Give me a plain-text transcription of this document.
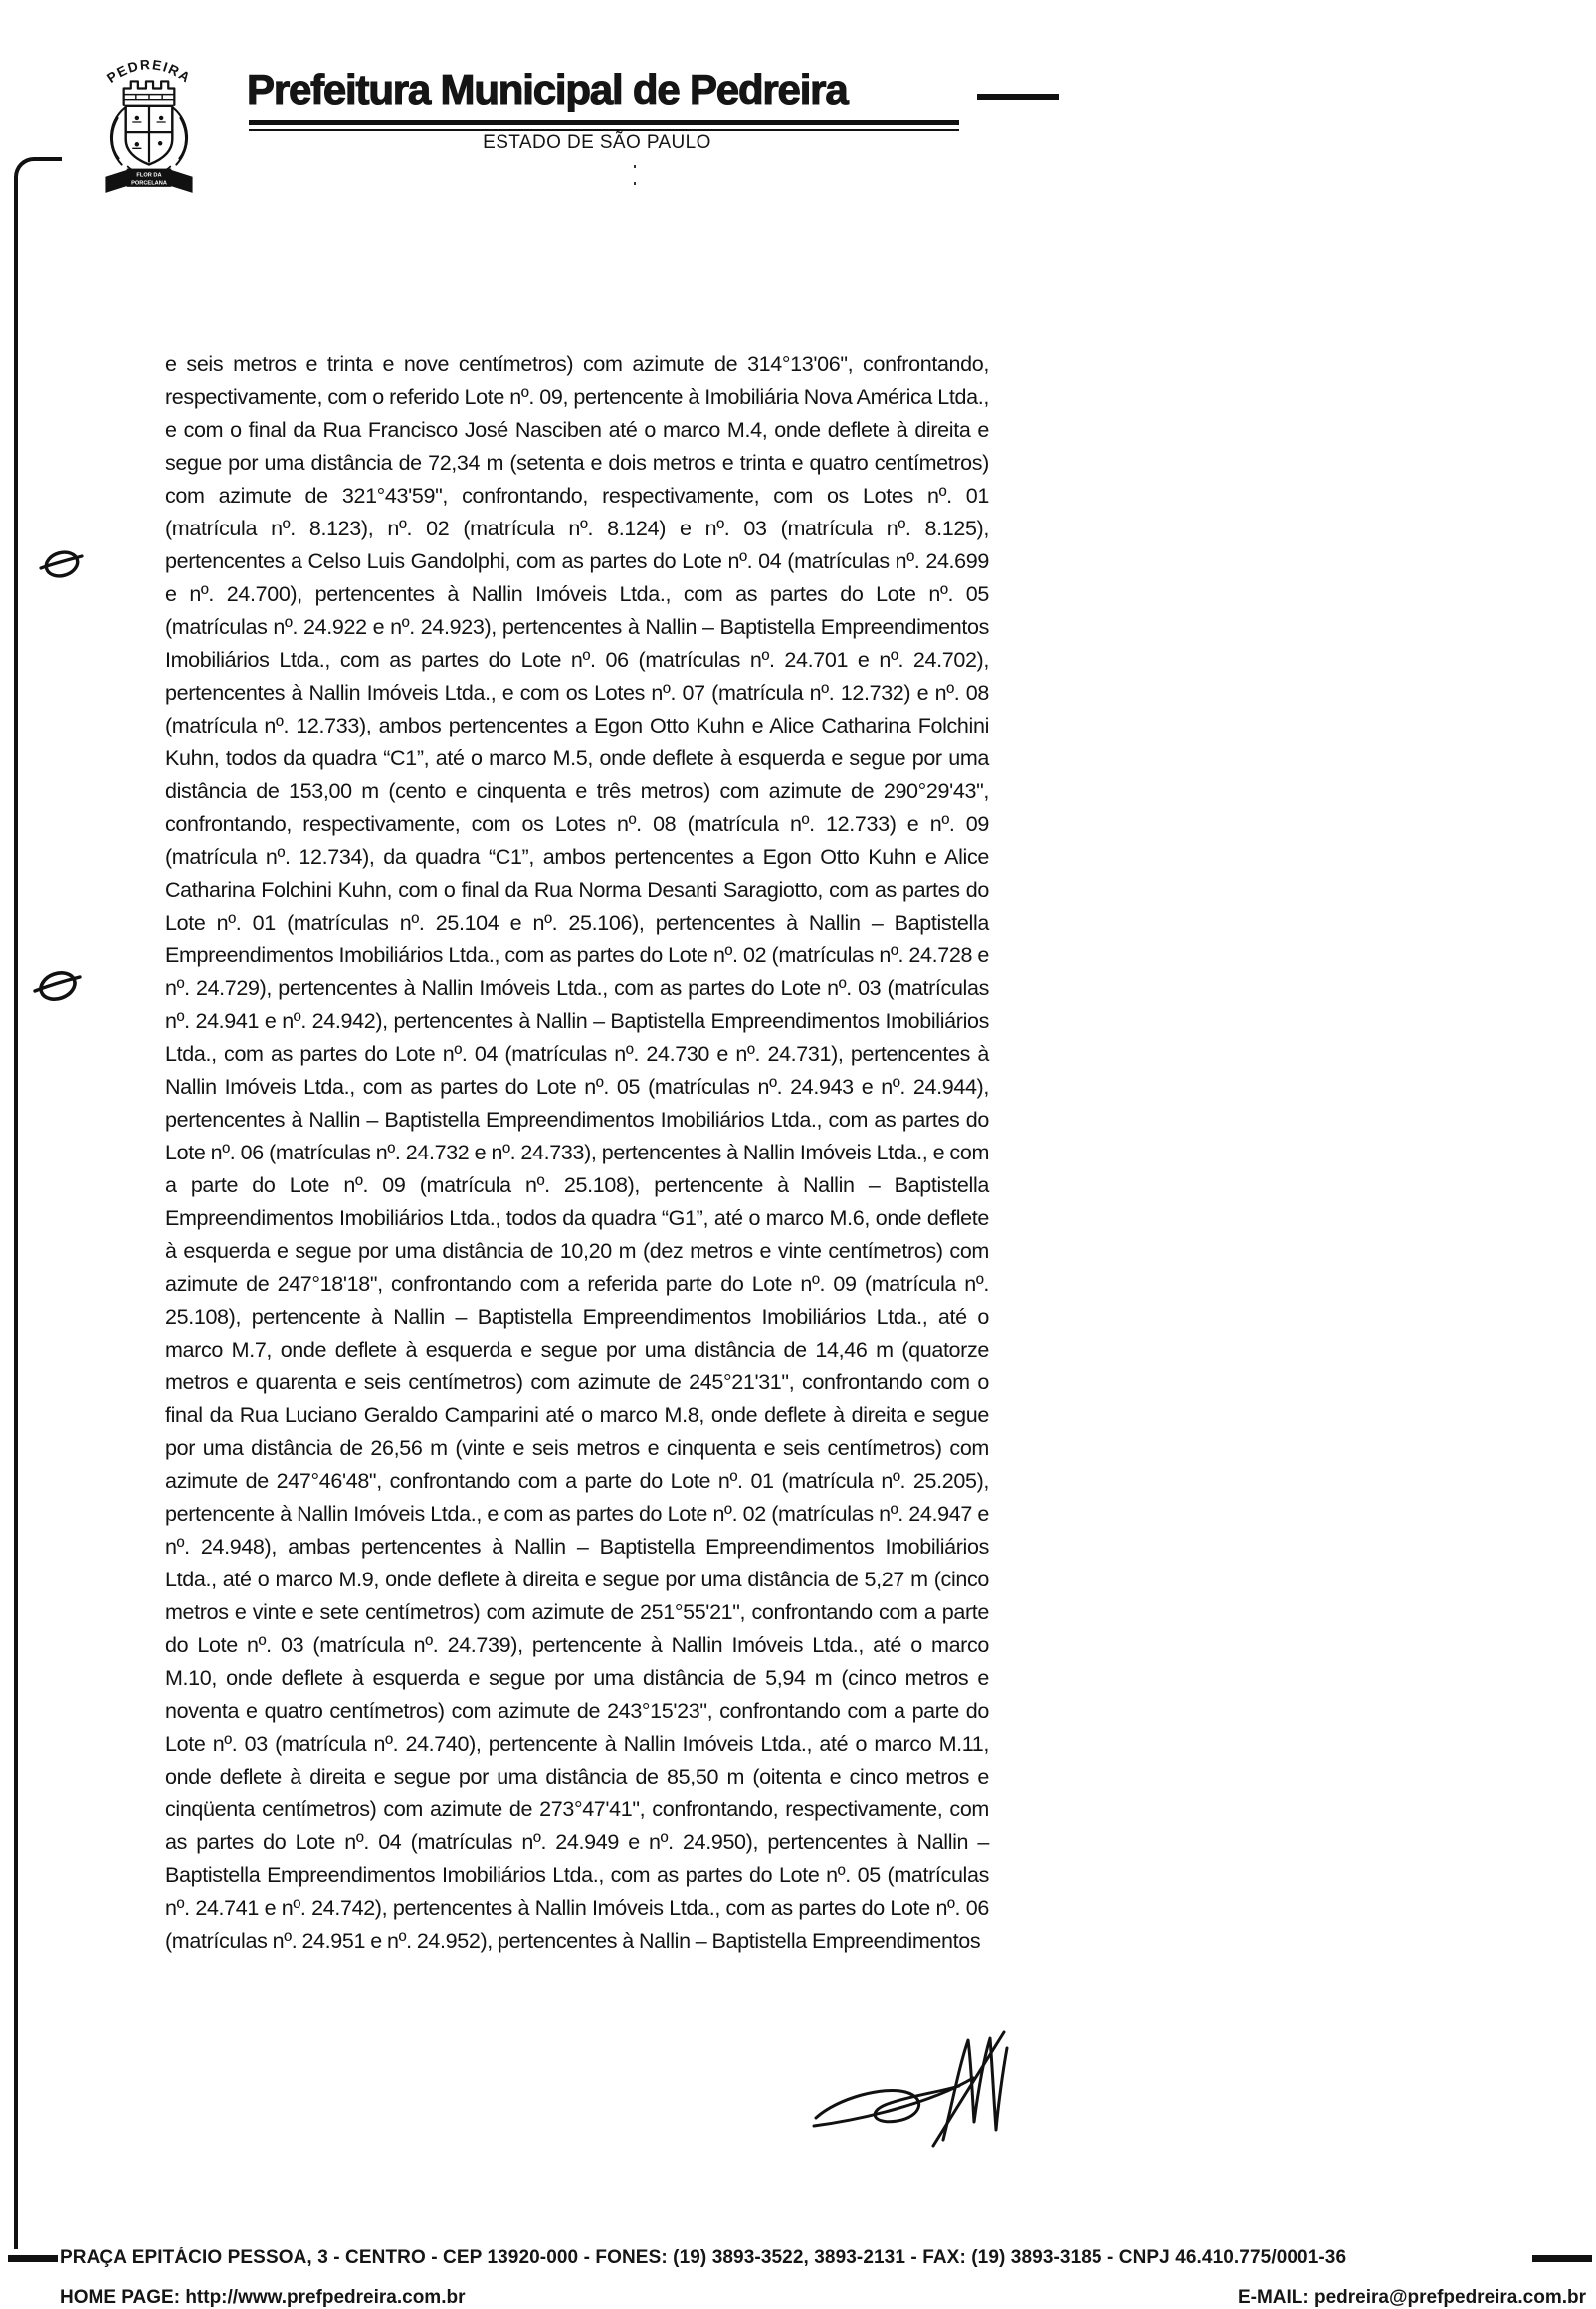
PEDREIRA
FLOR DA
PORCELANA
Prefeitura Municipal de Pedreira
ESTADO DE SÃO PAULO

e seis metros e trinta e nove centímetros) com azimute de 314°13'06", confrontando, respectivamente, com o referido Lote nº. 09, pertencente à Imobiliária Nova América Ltda., e com o final da Rua Francisco José Nasciben até o marco M.4, onde deflete à direita e segue por uma distância de 72,34 m (setenta e dois metros e trinta e quatro centímetros) com azimute de 321°43'59", confrontando, respectivamente, com os Lotes nº. 01 (matrícula nº. 8.123), nº. 02 (matrícula nº. 8.124) e nº. 03 (matrícula nº. 8.125), pertencentes a Celso Luis Gandolphi, com as partes do Lote nº. 04 (matrículas nº. 24.699 e nº. 24.700), pertencentes à Nallin Imóveis Ltda., com as partes do Lote nº. 05 (matrículas nº. 24.922 e nº. 24.923), pertencentes à Nallin – Baptistella Empreendimentos Imobiliários Ltda., com as partes do Lote nº. 06 (matrículas nº. 24.701 e nº. 24.702), pertencentes à Nallin Imóveis Ltda., e com os Lotes nº. 07 (matrícula nº. 12.732) e nº. 08 (matrícula nº. 12.733), ambos pertencentes a Egon Otto Kuhn e Alice Catharina Folchini Kuhn, todos da quadra “C1”, até o marco M.5, onde deflete à esquerda e segue por uma distância de 153,00 m (cento e cinquenta e três metros) com azimute de 290°29'43", confrontando, respectivamente, com os Lotes nº. 08 (matrícula nº. 12.733) e nº. 09 (matrícula nº. 12.734), da quadra “C1”, ambos pertencentes a Egon Otto Kuhn e Alice Catharina Folchini Kuhn, com o final da Rua Norma Desanti Saragiotto, com as partes do Lote nº. 01 (matrículas nº. 25.104 e nº. 25.106), pertencentes à Nallin – Baptistella Empreendimentos Imobiliários Ltda., com as partes do Lote nº. 02 (matrículas nº. 24.728 e nº. 24.729), pertencentes à Nallin Imóveis Ltda., com as partes do Lote nº. 03 (matrículas nº. 24.941 e nº. 24.942), pertencentes à Nallin – Baptistella Empreendimentos Imobiliários Ltda., com as partes do Lote nº. 04 (matrículas nº. 24.730 e nº. 24.731), pertencentes à Nallin Imóveis Ltda., com as partes do Lote nº. 05 (matrículas nº. 24.943 e nº. 24.944), pertencentes à Nallin – Baptistella Empreendimentos Imobiliários Ltda., com as partes do Lote nº. 06 (matrículas nº. 24.732 e nº. 24.733), pertencentes à Nallin Imóveis Ltda., e com a parte do Lote nº. 09 (matrícula nº. 25.108), pertencente à Nallin – Baptistella Empreendimentos Imobiliários Ltda., todos da quadra “G1”, até o marco M.6, onde deflete à esquerda e segue por uma distância de 10,20 m (dez metros e vinte centímetros) com azimute de 247°18'18", confrontando com a referida parte do Lote nº. 09 (matrícula nº. 25.108), pertencente à Nallin – Baptistella Empreendimentos Imobiliários Ltda., até o marco M.7, onde deflete à esquerda e segue por uma distância de 14,46 m (quatorze metros e quarenta e seis centímetros) com azimute de 245°21'31", confrontando com o final da Rua Luciano Geraldo Camparini até o marco M.8, onde deflete à direita e segue por uma distância de 26,56 m (vinte e seis metros e cinquenta e seis centímetros) com azimute de 247°46'48", confrontando com a parte do Lote nº. 01 (matrícula nº. 25.205), pertencente à Nallin Imóveis Ltda., e com as partes do Lote nº. 02 (matrículas nº. 24.947 e nº. 24.948), ambas pertencentes à Nallin – Baptistella Empreendimentos Imobiliários Ltda., até o marco M.9, onde deflete à direita e segue por uma distância de 5,27 m (cinco metros e vinte e sete centímetros) com azimute de 251°55'21", confrontando com a parte do Lote nº. 03 (matrícula nº. 24.739), pertencente à Nallin Imóveis Ltda., até o marco M.10, onde deflete à esquerda e segue por uma distância de 5,94 m (cinco metros e noventa e quatro centímetros) com azimute de 243°15'23", confrontando com a parte do Lote nº. 03 (matrícula nº. 24.740), pertencente à Nallin Imóveis Ltda., até o marco M.11, onde deflete à direita e segue por uma distância de 85,50 m (oitenta e cinco metros e cinqüenta centímetros) com azimute de 273°47'41", confrontando, respectivamente, com as partes do Lote nº. 04 (matrículas nº. 24.949 e nº. 24.950), pertencentes à Nallin – Baptistella Empreendimentos Imobiliários Ltda., com as partes do Lote nº. 05 (matrículas nº. 24.741 e nº. 24.742), pertencentes à Nallin Imóveis Ltda., com as partes do Lote nº. 06 (matrículas nº. 24.951 e nº. 24.952), pertencentes à Nallin – Baptistella Empreendimentos

PRAÇA EPITÁCIO PESSOA, 3 - CENTRO - CEP 13920-000 - FONES: (19) 3893-3522, 3893-2131 - FAX: (19) 3893-3185 - CNPJ 46.410.775/0001-36
HOME PAGE: http://www.prefpedreira.com.br	E-MAIL: pedreira@prefpedreira.com.br
